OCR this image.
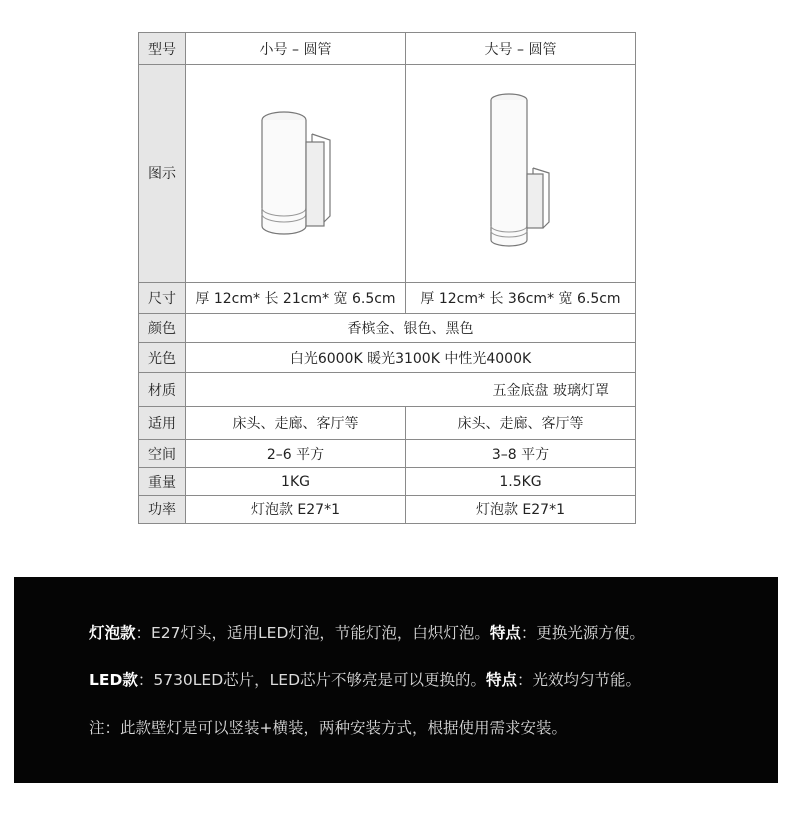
型号	小号 – 圆管	大号 – 圆管
图示	

尺寸	厚 12cm* 长 21cm* 宽 6.5cm	厚 12cm* 长 36cm* 宽 6.5cm
颜色	香槟金、银色、黑色	
光色	白光6000K 暖光3100K 中性光4000K	
材质	五金底盘 玻璃灯罩	
适用	床头、走廊、客厅等	床头、走廊、客厅等
空间	2–6 平方	3–8 平方
重量	1KG	1.5KG
功率	灯泡款 E27*1	灯泡款 E27*1
灯泡款：E27灯头，适用LED灯泡，节能灯泡，白炽灯泡。特点：更换光源方便。
LED款：5730LED芯片，LED芯片不够亮是可以更换的。特点：光效均匀节能。
注：此款壁灯是可以竖装+横装，两种安装方式，根据使用需求安装。
